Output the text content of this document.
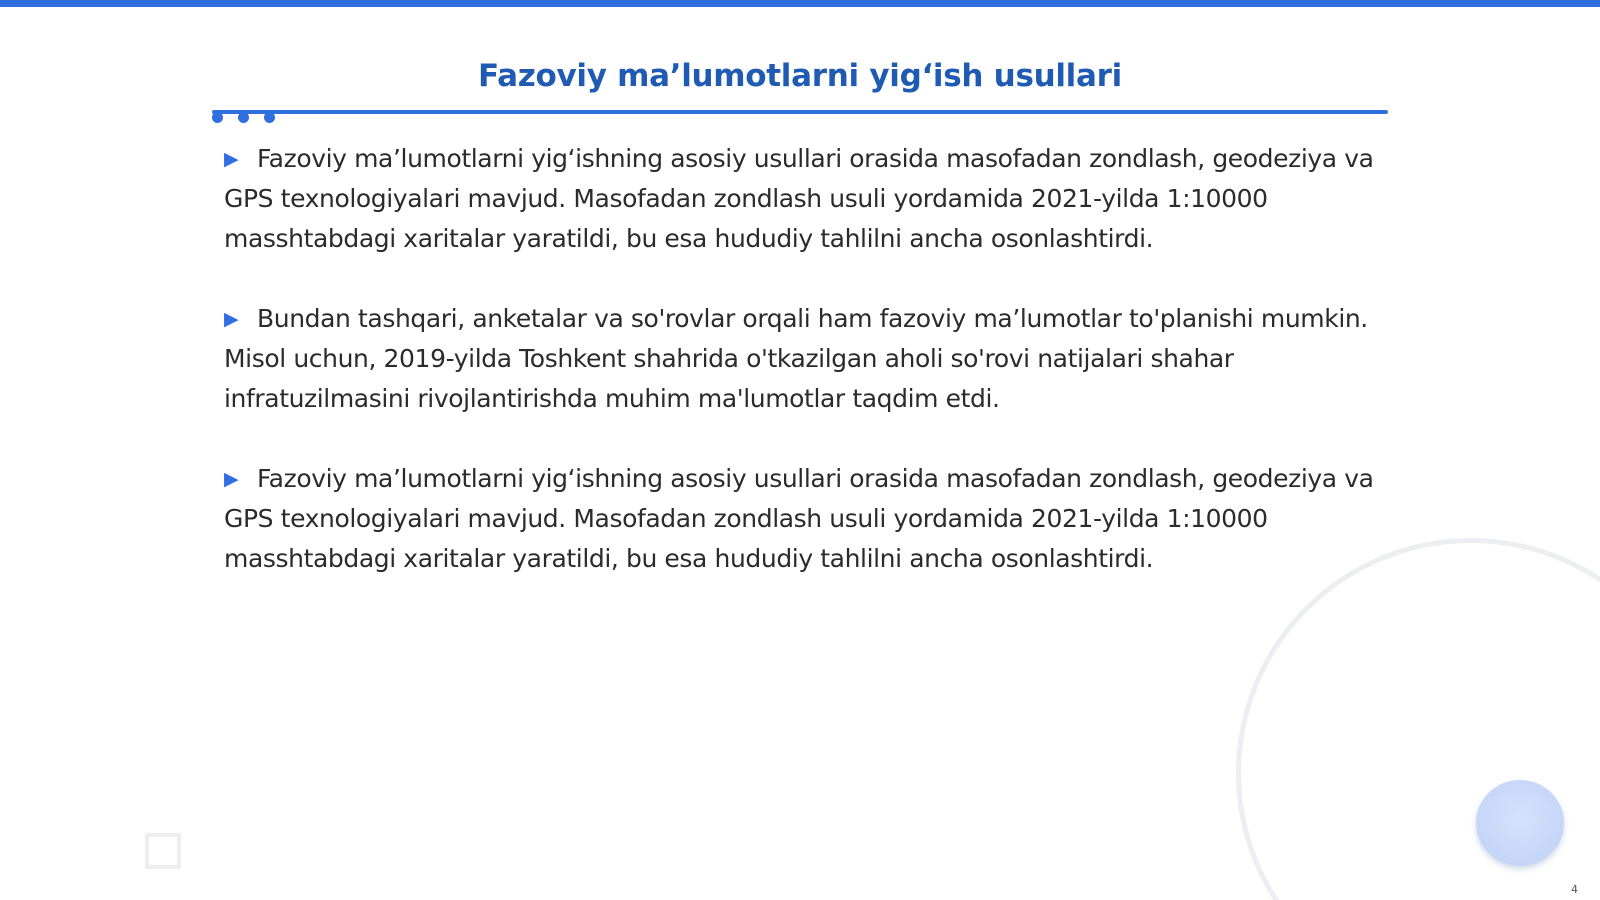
Fazoviy ma’lumotlarni yig‘ish usullari

▶ Fazoviy ma’lumotlarni yig‘ishning asosiy usullari orasida masofadan zondlash, geodeziya va GPS texnologiyalari mavjud. Masofadan zondlash usuli yordamida 2021-yilda 1:10000 masshtabdagi xaritalar yaratildi, bu esa hududiy tahlilni ancha osonlashtirdi.

▶ Bundan tashqari, anketalar va so'rovlar orqali ham fazoviy ma’lumotlar to'planishi mumkin. Misol uchun, 2019-yilda Toshkent shahrida o'tkazilgan aholi so'rovi natijalari shahar infratuzilmasini rivojlantirishda muhim ma'lumotlar taqdim etdi.

▶ Fazoviy ma’lumotlarni yig‘ishning asosiy usullari orasida masofadan zondlash, geodeziya va GPS texnologiyalari mavjud. Masofadan zondlash usuli yordamida 2021-yilda 1:10000 masshtabdagi xaritalar yaratildi, bu esa hududiy tahlilni ancha osonlashtirdi.

4
